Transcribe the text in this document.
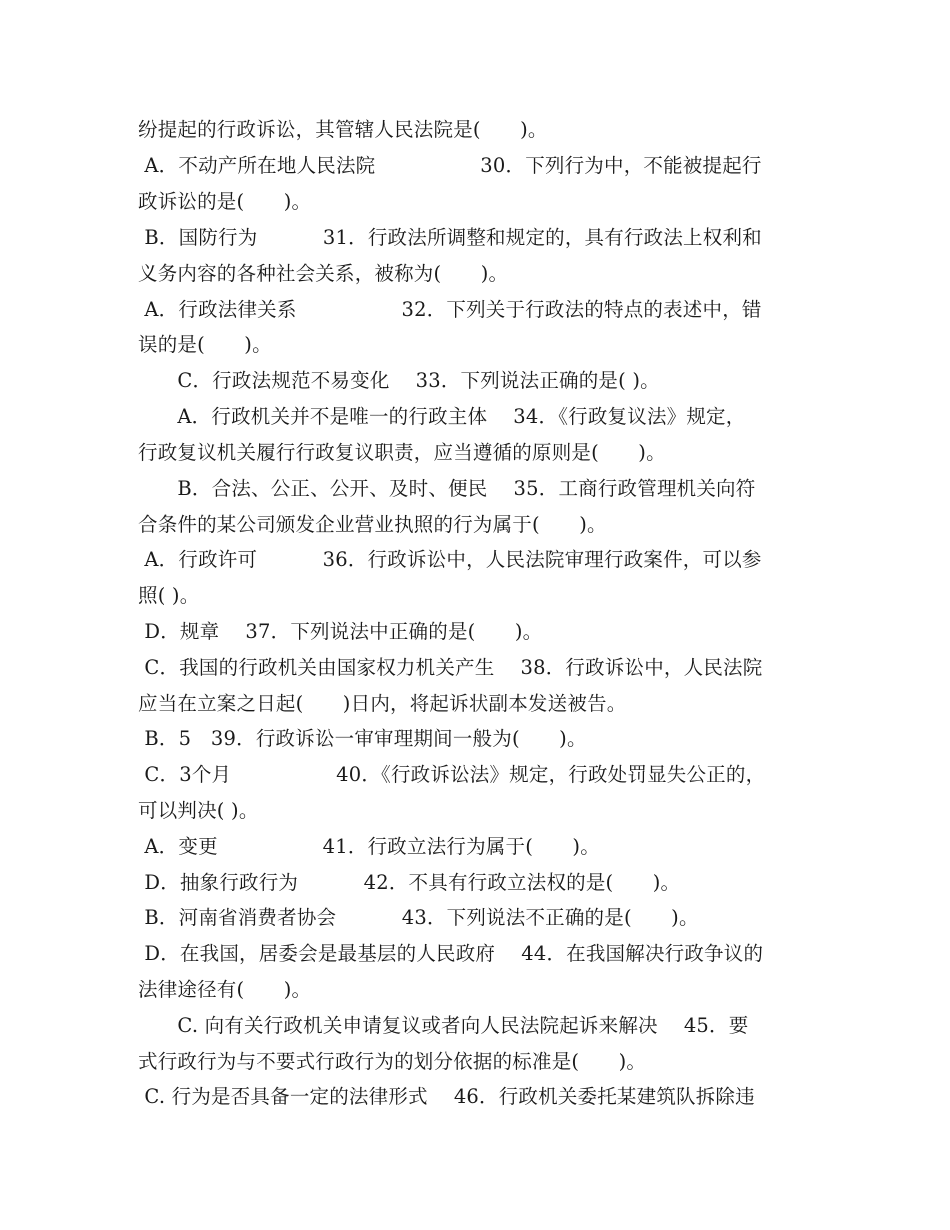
纷提起的行政诉讼，其管辖人民法院是(　　)。
A．不动产所在地人民法院　　　　　 30．下列行为中，不能被提起行
政诉讼的是(　　)。
B．国防行为　　　 31．行政法所调整和规定的，具有行政法上权利和
义务内容的各种社会关系，被称为(　　)。
A．行政法律关系　　　　　 32．下列关于行政法的特点的表述中，错
误的是(　　)。
　　C．行政法规范不易变化　 33．下列说法正确的是( )。
　　A．行政机关并不是唯一的行政主体　 34．《行政复议法》规定，
行政复议机关履行行政复议职责，应当遵循的原则是(　　)。
　　B．合法、公正、公开、及时、便民　 35．工商行政管理机关向符
合条件的某公司颁发企业营业执照的行为属于(　　)。
A．行政许可　　　 36．行政诉讼中，人民法院审理行政案件，可以参
照( )。
D．规章　 37．下列说法中正确的是(　　)。
C．我国的行政机关由国家权力机关产生　 38．行政诉讼中，人民法院
应当在立案之日起(　　)日内，将起诉状副本发送被告。
B．5　39．行政诉讼一审审理期间一般为(　　)。
C．3个月　　　　　 40．《行政诉讼法》规定，行政处罚显失公正的，
可以判决( )。
A．变更　　　　　 41．行政立法行为属于(　　)。
D．抽象行政行为　　　 42．不具有行政立法权的是(　　)。
B．河南省消费者协会　　　 43．下列说法不正确的是(　　)。
D．在我国，居委会是最基层的人民政府　 44．在我国解决行政争议的
法律途径有(　　)。
　　C. 向有关行政机关申请复议或者向人民法院起诉来解决　 45．要
式行政行为与不要式行政行为的划分依据的标准是(　　)。
C. 行为是否具备一定的法律形式　 46．行政机关委托某建筑队拆除违
